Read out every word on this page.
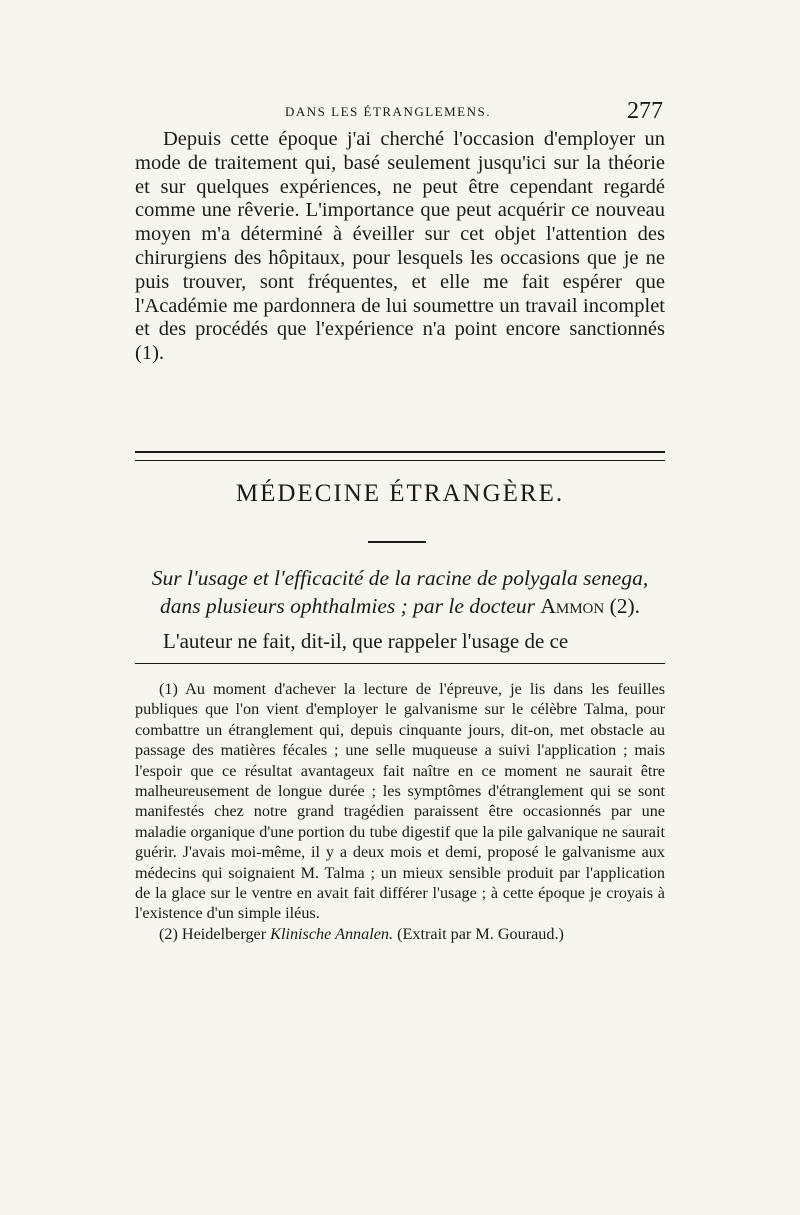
DANS LES ÉTRANGLEMENS.	277
Depuis cette époque j'ai cherché l'occasion d'employer un mode de traitement qui, basé seulement jusqu'ici sur la théorie et sur quelques expériences, ne peut être cependant regardé comme une rêverie. L'importance que peut acquérir ce nouveau moyen m'a déterminé à éveiller sur cet objet l'attention des chirurgiens des hôpitaux, pour lesquels les occasions que je ne puis trouver, sont fréquentes, et elle me fait espérer que l'Académie me pardonnera de lui soumettre un travail incomplet et des procédés que l'expérience n'a point encore sanctionnés (1).
MÉDECINE ÉTRANGÈRE.
Sur l'usage et l'efficacité de la racine de polygala senega, dans plusieurs ophthalmies ; par le docteur Ammon (2).
L'auteur ne fait, dit-il, que rappeler l'usage de ce

(1) Au moment d'achever la lecture de l'épreuve, je lis dans les feuilles publiques que l'on vient d'employer le galvanisme sur le célèbre Talma, pour combattre un étranglement qui, depuis cinquante jours, dit-on, met obstacle au passage des matières fécales ; une selle muqueuse a suivi l'application ; mais l'espoir que ce résultat avantageux fait naître en ce moment ne saurait être malheureusement de longue durée ; les symptômes d'étranglement qui se sont manifestés chez notre grand tragédien paraissent être occasionnés par une maladie organique d'une portion du tube digestif que la pile galvanique ne saurait guérir. J'avais moi-même, il y a deux mois et demi, proposé le galvanisme aux médecins qui soignaient M. Talma ; un mieux sensible produit par l'application de la glace sur le ventre en avait fait différer l'usage ; à cette époque je croyais à l'existence d'un simple iléus.

(2) Heidelberger Klinische Annalen. (Extrait par M. Gouraud.)
